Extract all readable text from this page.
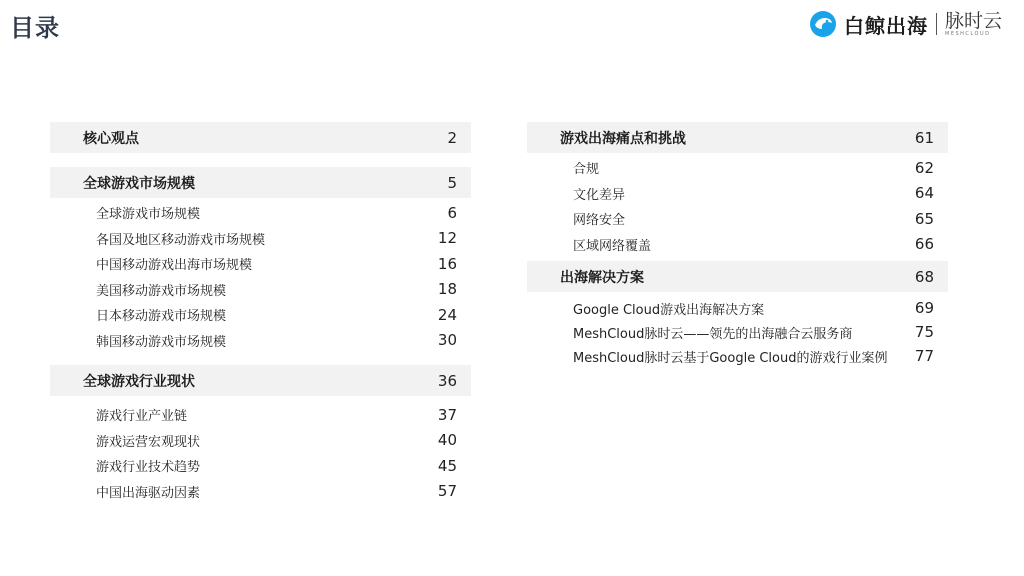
目录	白鲸出海 脉时云
MESHCLOUD
核心观点	2
全球游戏市场规模	5
全球游戏市场规模	6
各国及地区移动游戏市场规模	12
中国移动游戏出海市场规模	16
美国移动游戏市场规模	18
日本移动游戏市场规模	24
韩国移动游戏市场规模	30
全球游戏行业现状	36
游戏行业产业链	37
游戏运营宏观现状	40
游戏行业技术趋势	45
中国出海驱动因素	57
游戏出海痛点和挑战	61
合规	62
文化差异	64
网络安全	65
区域网络覆盖	66
出海解决方案	68
Google Cloud游戏出海解决方案	69
MeshCloud脉时云——领先的出海融合云服务商	75
MeshCloud脉时云基于Google Cloud的游戏行业案例 77
